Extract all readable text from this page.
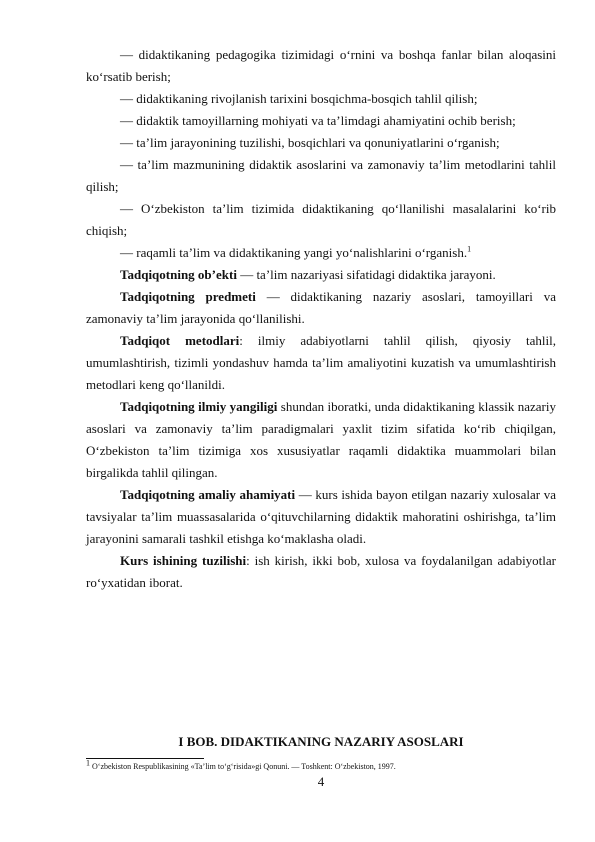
— didaktikaning pedagogika tizimidagi o‘rnini va boshqa fanlar bilan aloqasini ko‘rsatib berish;

— didaktikaning rivojlanish tarixini bosqichma-bosqich tahlil qilish;

— didaktik tamoyillarning mohiyati va ta’limdagi ahamiyatini ochib berish;

— ta’lim jarayonining tuzilishi, bosqichlari va qonuniyatlarini o‘rganish;

— ta’lim mazmunining didaktik asoslarini va zamonaviy ta’lim metodlarini tahlil qilish;

— O‘zbekiston ta’lim tizimida didaktikaning qo‘llanilishi masalalarini ko‘rib chiqish;

— raqamli ta’lim va didaktikaning yangi yo‘nalishlarini o‘rganish.$^1$

Tadqiqotning ob’ekti — ta’lim nazariyasi sifatidagi didaktika jarayoni.

Tadqiqotning predmeti — didaktikaning nazariy asoslari, tamoyillari va zamonaviy ta’lim jarayonida qo‘llanilishi.

Tadqiqot metodlari: ilmiy adabiyotlarni tahlil qilish, qiyosiy tahlil, umumlashtirish, tizimli yondashuv hamda ta’lim amaliyotini kuzatish va umumlashtirish metodlari keng qo‘llanildi.

Tadqiqotning ilmiy yangiligi shundan iboratki, unda didaktikaning klassik nazariy asoslari va zamonaviy ta’lim paradigmalari yaxlit tizim sifatida ko‘rib chiqilgan, O‘zbekiston ta’lim tizimiga xos xususiyatlar raqamli didaktika muammolari bilan birgalikda tahlil qilingan.

Tadqiqotning amaliy ahamiyati — kurs ishida bayon etilgan nazariy xulosalar va tavsiyalar ta’lim muassasalarida o‘qituvchilarning didaktik mahoratini oshirishga, ta’lim jarayonini samarali tashkil etishga ko‘maklasha oladi.

Kurs ishining tuzilishi: ish kirish, ikki bob, xulosa va foydalanilgan adabiyotlar ro‘yxatidan iborat.

I BOB. DIDAKTIKANING NAZARIY ASOSLARI

$^1$ O‘zbekiston Respublikasining «Ta’lim to‘g‘risida»gi Qonuni. — Toshkent: O‘zbekiston, 1997.

4
